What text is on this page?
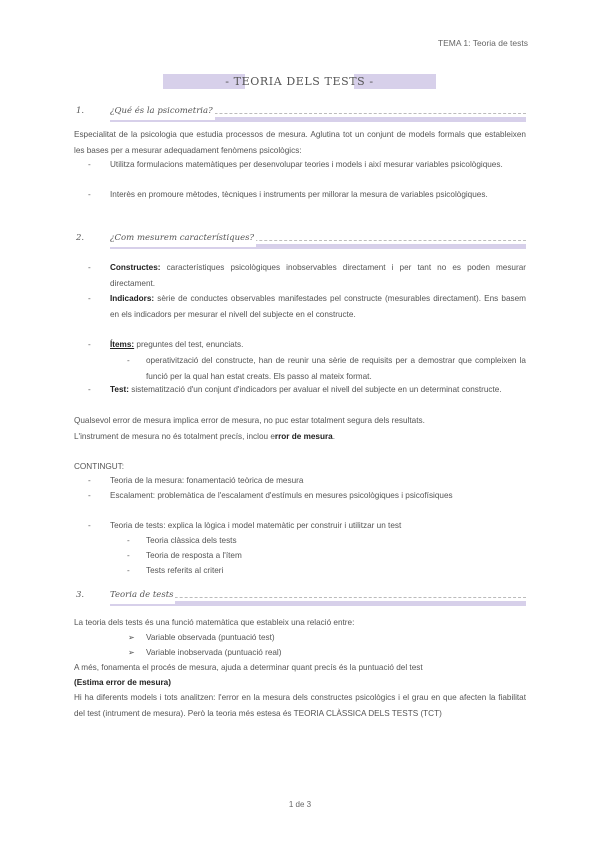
TEMA 1: Teoria de tests
- TEORIA DELS TESTS -
1.	¿Qué és la psicometria?

Especialitat de la psicologia que estudia processos de mesura. Aglutina tot un conjunt de models formals que estableixen les bases per a mesurar adequadament fenòmens psicològics:

- Utilitza formulacions matemàtiques per desenvolupar teories i models i així mesurar variables psicològiques.
- Interès en promoure mètodes, tècniques i instruments per millorar la mesura de variables psicològiques.
2.	¿Com mesurem característiques?
- Constructes: característiques psicològiques inobservables directament i per tant no es poden mesurar directament.
- Indicadors: sèrie de conductes observables manifestades pel constructe (mesurables directament). Ens basem en els indicadors per mesurar el nivell del subjecte en el constructe.
- Ítems: preguntes del test, enunciats.
- operativització del constructe, han de reunir una sèrie de requisits per a demostrar que compleixen la funció per la qual han estat creats. Els passo al mateix format.
- Test: sistematització d'un conjunt d'indicadors per avaluar el nivell del subjecte en un determinat constructe.

Qualsevol error de mesura implica error de mesura, no puc estar totalment segura dels resultats.

L'instrument de mesura no és totalment precís, inclou error de mesura.

CONTINGUT:

- Teoria de la mesura: fonamentació teòrica de mesura
- Escalament: problemàtica de l'escalament d'estímuls en mesures psicològiques i psicofísiques
- Teoria de tests: explica la lògica i model matemàtic per construir i utilitzar un test
- Teoria clàssica dels tests
- Teoria de resposta a l'ítem
- Tests referits al criteri
3.	Teoria de tests

La teoria dels tests és una funció matemàtica que estableix una relació entre:

➢ Variable observada (puntuació test)
➢ Variable inobservada (puntuació real)

A més, fonamenta el procés de mesura, ajuda a determinar quant precís és la puntuació del test

(Estima error de mesura)

Hi ha diferents models i tots analitzen: l'error en la mesura dels constructes psicològics i el grau en que afecten la fiabilitat del test (intrument de mesura). Però la teoria més estesa és TEORIA CLÀSSICA DELS TESTS (TCT)

1 de 3
